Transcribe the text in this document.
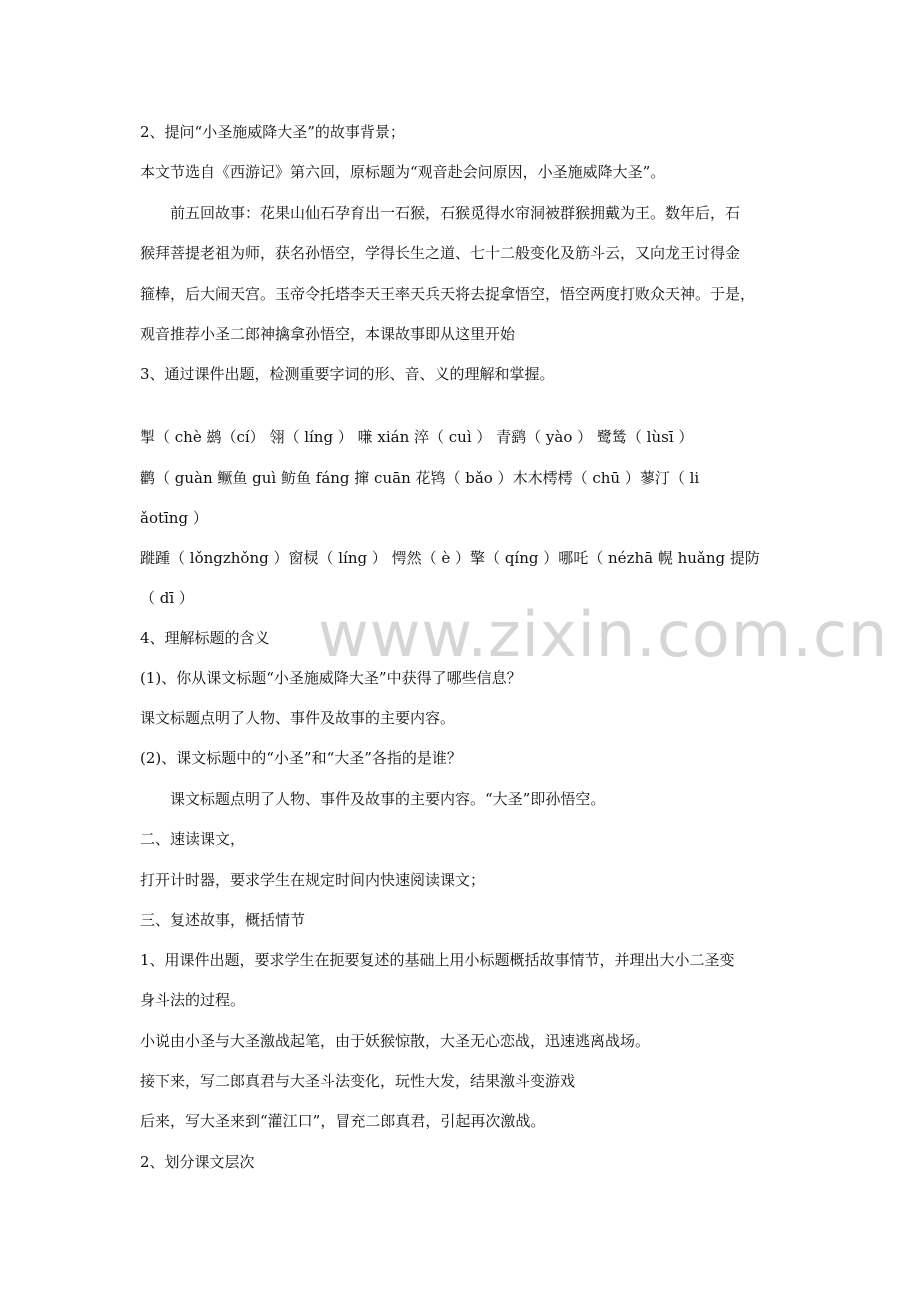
2、提问“小圣施威降大圣”的故事背景；
本文节选自《西游记》第六回，原标题为“观音赴会问原因，小圣施威降大圣”。
前五回故事：花果山仙石孕育出一石猴，石猴觅得水帘洞被群猴拥戴为王。数年后，石
猴拜菩提老祖为师，获名孙悟空，学得长生之道、七十二般变化及筋斗云，又向龙王讨得金
箍棒，后大闹天宫。玉帝令托塔李天王率天兵天将去捉拿悟空，悟空两度打败众天神。于是，
观音推荐小圣二郎神擒拿孙悟空，本课故事即从这里开始
3、通过课件出题，检测重要字词的形、音、义的理解和掌握。
掣（ chè 鹚（cí） 翎（ líng ） 嗛 xián 淬（ cuì ） 青鹞（ yào ） 鹭鸶（ lùsī ）
鹳（ guàn 鳜鱼 guì 鲂鱼 fáng 撺 cuān 花鸨（ bǎo ）木木樗樗（ chū ）蓼汀（ li
ǎotīng ）
蹝踵（ lǒngzhǒng ）窗棂（ líng ） 愕然（ è ）擎（ qíng ）哪吒（ nézhā 幌 huǎng 提防
（ dī ）
4、理解标题的含义
(1)、你从课文标题“小圣施威降大圣”中获得了哪些信息？
课文标题点明了人物、事件及故事的主要内容。
(2)、课文标题中的“小圣”和“大圣”各指的是谁？
课文标题点明了人物、事件及故事的主要内容。“大圣”即孙悟空。
二、速读课文，
打开计时器，要求学生在规定时间内快速阅读课文；
三、复述故事，概括情节
1、用课件出题，要求学生在扼要复述的基础上用小标题概括故事情节，并理出大小二圣变
身斗法的过程。
小说由小圣与大圣激战起笔，由于妖猴惊散，大圣无心恋战，迅速逃离战场。
接下来，写二郎真君与大圣斗法变化，玩性大发，结果激斗变游戏
后来，写大圣来到“灌江口”，冒充二郎真君，引起再次激战。
2、划分课文层次
www.zixin.com.cn
